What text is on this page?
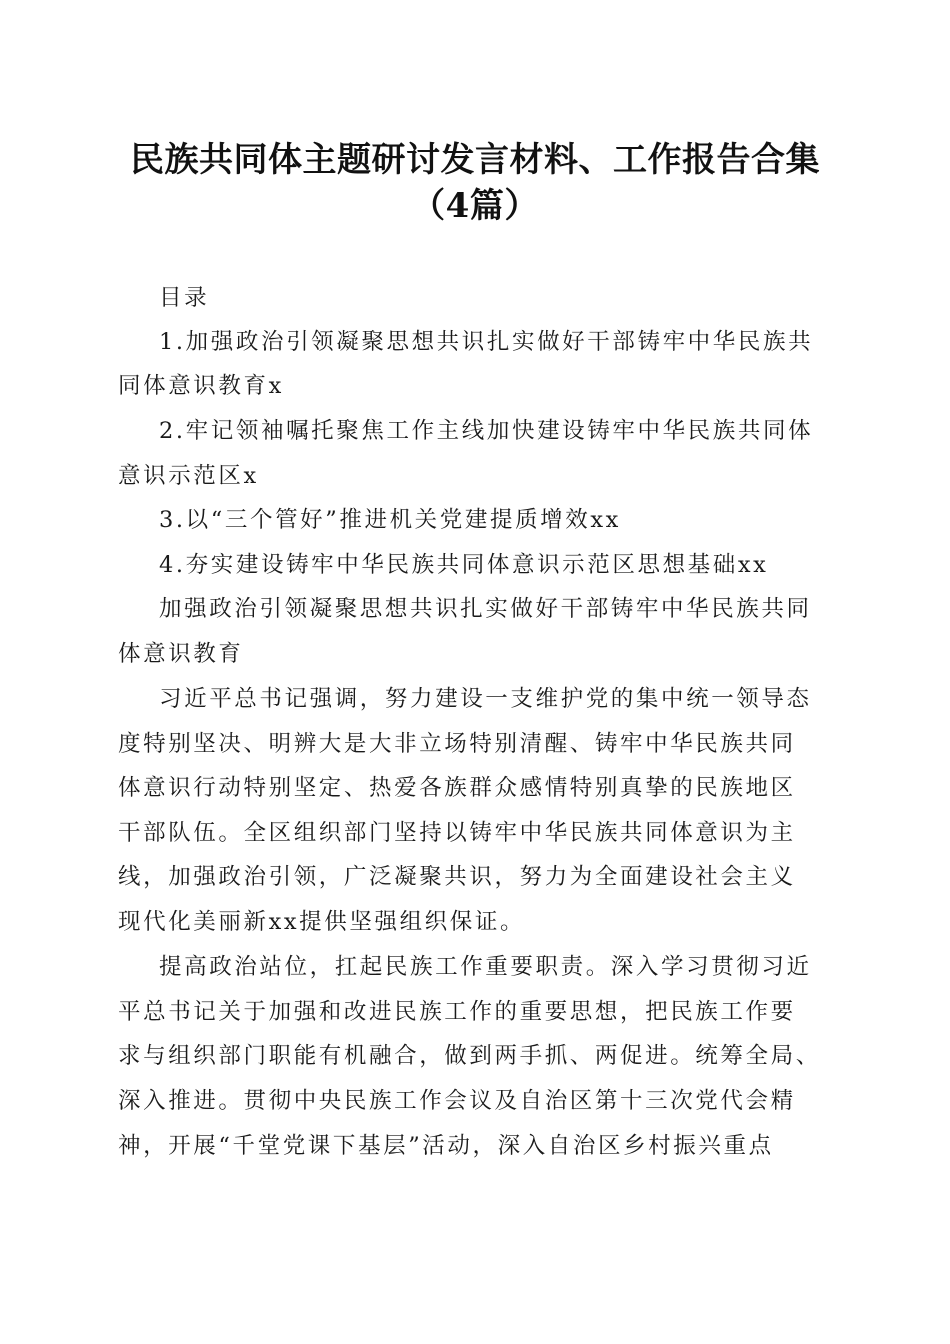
民族共同体主题研讨发言材料、工作报告合集
（4篇）
目录
1.加强政治引领凝聚思想共识扎实做好干部铸牢中华民族共
同体意识教育x
2.牢记领袖嘱托聚焦工作主线加快建设铸牢中华民族共同体
意识示范区x
3.以“三个管好”推进机关党建提质增效xx
4.夯实建设铸牢中华民族共同体意识示范区思想基础xx
加强政治引领凝聚思想共识扎实做好干部铸牢中华民族共同
体意识教育
习近平总书记强调，努力建设一支维护党的集中统一领导态
度特别坚决、明辨大是大非立场特别清醒、铸牢中华民族共同
体意识行动特别坚定、热爱各族群众感情特别真挚的民族地区
干部队伍。全区组织部门坚持以铸牢中华民族共同体意识为主
线，加强政治引领，广泛凝聚共识，努力为全面建设社会主义
现代化美丽新xx提供坚强组织保证。
提高政治站位，扛起民族工作重要职责。深入学习贯彻习近
平总书记关于加强和改进民族工作的重要思想，把民族工作要
求与组织部门职能有机融合，做到两手抓、两促进。统筹全局、
深入推进。贯彻中央民族工作会议及自治区第十三次党代会精
神，开展“千堂党课下基层”活动，深入自治区乡村振兴重点
